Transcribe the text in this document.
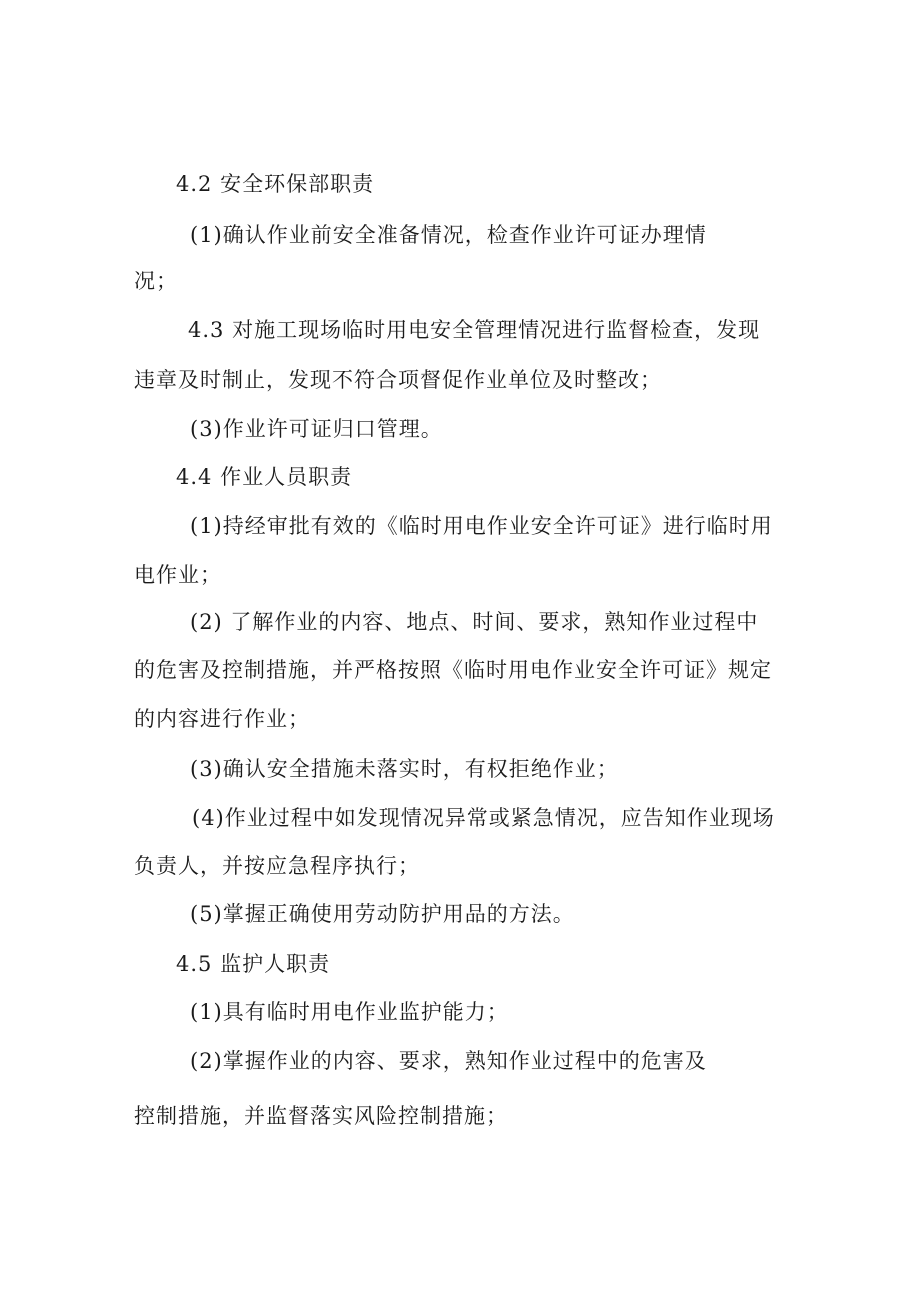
4.2 安全环保部职责
(1)确认作业前安全准备情况，检查作业许可证办理情
况；
4.3 对施工现场临时用电安全管理情况进行监督检查，发现
违章及时制止，发现不符合项督促作业单位及时整改；
(3)作业许可证归口管理。
4.4 作业人员职责
(1)持经审批有效的《临时用电作业安全许可证》进行临时用
电作业；
(2) 了解作业的内容、地点、时间、要求，熟知作业过程中
的危害及控制措施，并严格按照《临时用电作业安全许可证》规定
的内容进行作业；
(3)确认安全措施未落实时，有权拒绝作业；
(4)作业过程中如发现情况异常或紧急情况，应告知作业现场
负责人，并按应急程序执行；
(5)掌握正确使用劳动防护用品的方法。
4.5 监护人职责
(1)具有临时用电作业监护能力；
(2)掌握作业的内容、要求，熟知作业过程中的危害及
控制措施，并监督落实风险控制措施；
